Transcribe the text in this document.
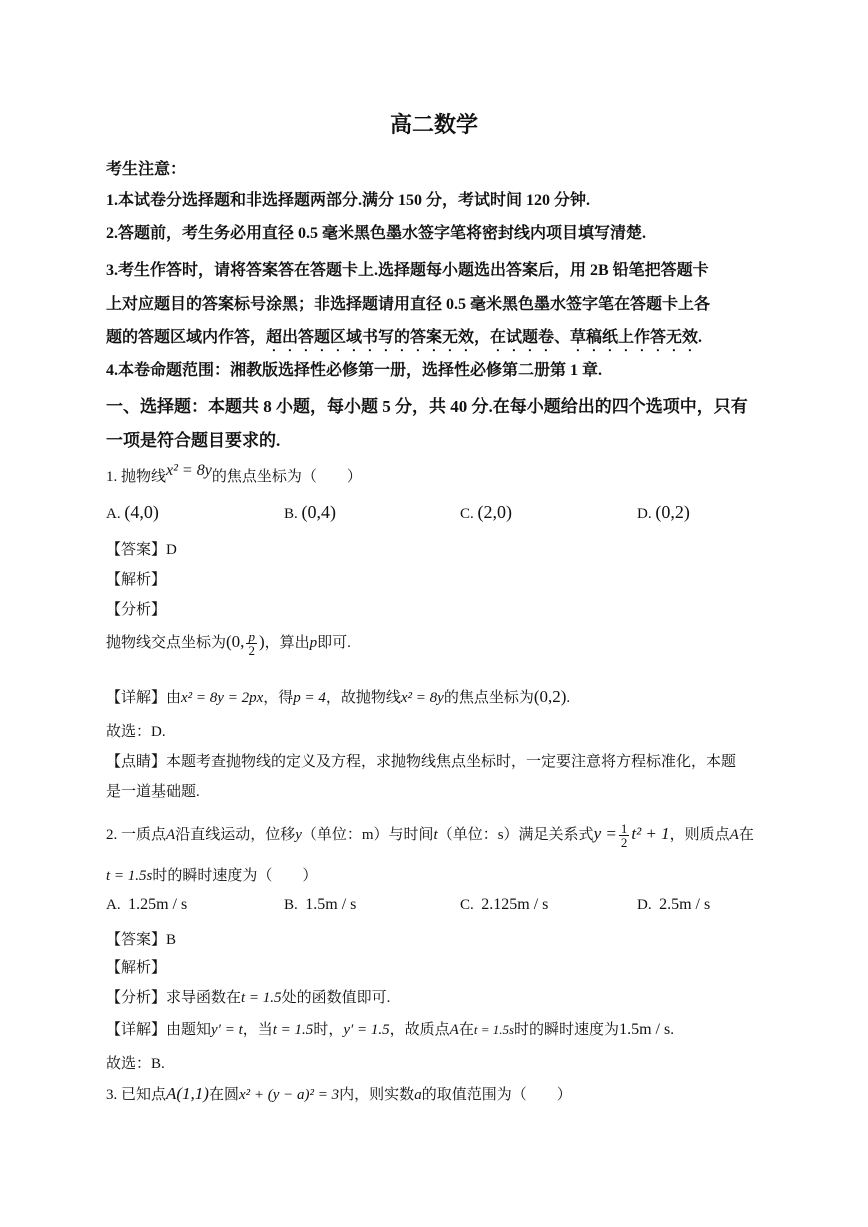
高二数学
考生注意：
1.本试卷分选择题和非选择题两部分.满分 150 分，考试时间 120 分钟.
2.答题前，考生务必用直径 0.5 毫米黑色墨水签字笔将密封线内项目填写清楚.
3.考生作答时，请将答案答在答题卡上.选择题每小题选出答案后，用 2B 铅笔把答题卡
上对应题目的答案标号涂黑；非选择题请用直径 0.5 毫米黑色墨水签字笔在答题卡上各
题的答题区域内作答，超出答题区域书写的答案无效，在试题卷、草稿纸上作答无效.
4.本卷命题范围：湘教版选择性必修第一册，选择性必修第二册第 1 章.
一、选择题：本题共 8 小题，每小题 5 分，共 40 分.在每小题给出的四个选项中，只有
一项是符合题目要求的.
1. 抛物线x² = 8y的焦点坐标为（　　）
A. (4,0)	B. (0,4)	C. (2,0)	D. (0,2)
【答案】D
【解析】
【分析】
抛物线交点坐标为(0, $\frac{p}{2}$ )，算出p即可.
【详解】由x² = 8y = 2px，得p = 4，故抛物线x² = 8y的焦点坐标为(0,2).
故选：D.
【点睛】本题考查抛物线的定义及方程，求抛物线焦点坐标时，一定要注意将方程标准化，本题
是一道基础题.
2. 一质点A沿直线运动，位移y（单位：m）与时间t（单位：s）满足关系式$y = \frac{1}{2} t^2 + 1$，则质点A在
t = 1.5s时的瞬时速度为（　　）
A. 1.25m / s	B. 1.5m / s	C. 2.125m / s	D. 2.5m / s
【答案】B
【解析】
【分析】求导函数在t = 1.5处的函数值即可.
【详解】由题知y′ = t，当t = 1.5时，y′ = 1.5，故质点A在t = 1.5s时的瞬时速度为1.5m / s.
故选：B.
3. 已知点A(1,1)在圆x² + (y − a)² = 3内，则实数a的取值范围为（　　）
